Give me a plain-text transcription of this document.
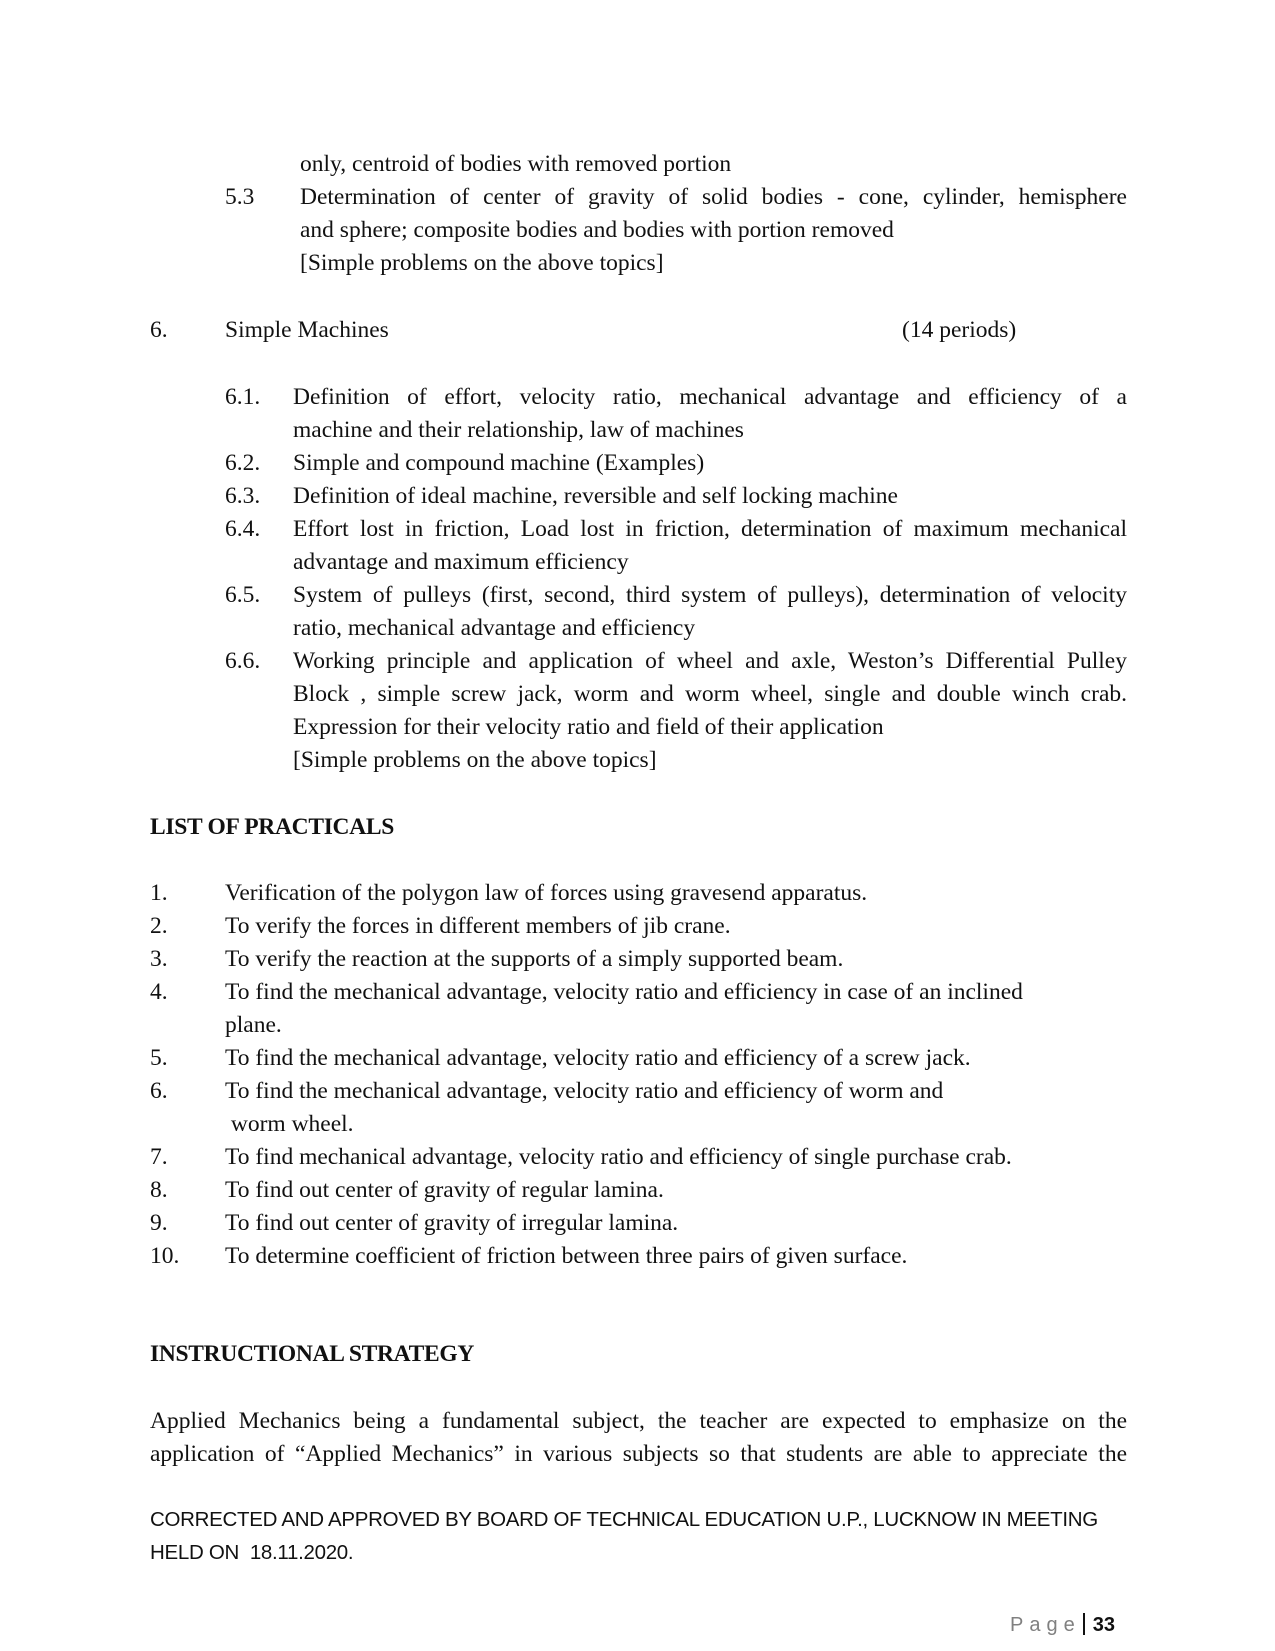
only, centroid of bodies with removed portion
5.3 Determination of center of gravity of solid bodies - cone, cylinder, hemisphere
and sphere; composite bodies and bodies with portion removed
[Simple problems on the above topics]
6. Simple Machines	(14 periods)
6.1. Definition of effort, velocity ratio, mechanical advantage and efficiency of a
machine and their relationship, law of machines
6.2. Simple and compound machine (Examples)
6.3. Definition of ideal machine, reversible and self locking machine
6.4. Effort lost in friction, Load lost in friction, determination of maximum mechanical
advantage and maximum efficiency
6.5. System of pulleys (first, second, third system of pulleys), determination of velocity
ratio, mechanical advantage and efficiency
6.6. Working principle and application of wheel and axle, Weston’s Differential Pulley
Block , simple screw jack, worm and worm wheel, single and double winch crab.
Expression for their velocity ratio and field of their application
[Simple problems on the above topics]
LIST OF PRACTICALS
1. Verification of the polygon law of forces using gravesend apparatus.
2. To verify the forces in different members of jib crane.
3. To verify the reaction at the supports of a simply supported beam.
4. To find the mechanical advantage, velocity ratio and efficiency in case of an inclined
plane.
5. To find the mechanical advantage, velocity ratio and efficiency of a screw jack.
6. To find the mechanical advantage, velocity ratio and efficiency of worm and
worm wheel.
7. To find mechanical advantage, velocity ratio and efficiency of single purchase crab.
8. To find out center of gravity of regular lamina.
9. To find out center of gravity of irregular lamina.
10. To determine coefficient of friction between three pairs of given surface.
INSTRUCTIONAL STRATEGY
Applied Mechanics being a fundamental subject, the teacher are expected to emphasize on the
application of “Applied Mechanics” in various subjects so that students are able to appreciate the
CORRECTED AND APPROVED BY BOARD OF TECHNICAL EDUCATION U.P., LUCKNOW IN MEETING
HELD ON  18.11.2020.
Page 33
